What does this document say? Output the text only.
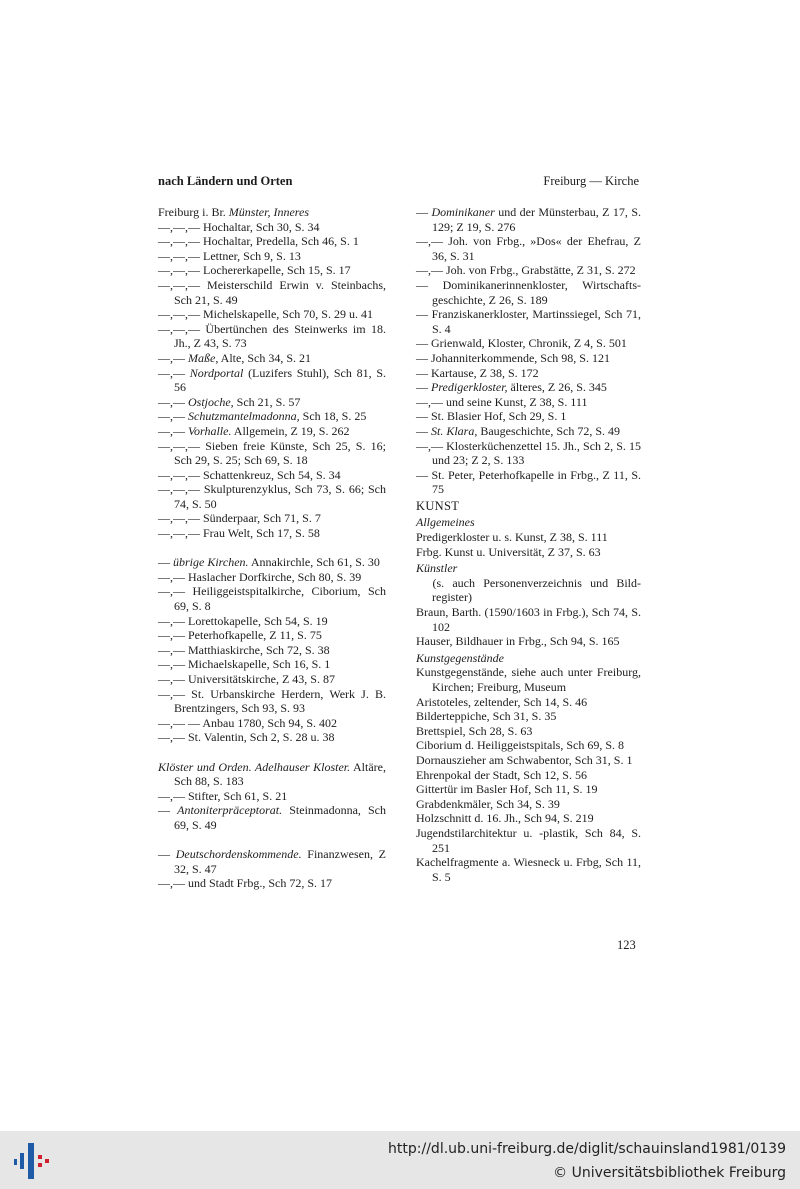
nach Ländern und Orten	Freiburg — Kirche
Freiburg i. Br. Münster, Inneres
—,—,— Hochaltar, Sch 30, S. 34
—,—,— Hochaltar, Predella, Sch 46, S. 1
—,—,— Lettner, Sch 9, S. 13
—,—,— Lochererkapelle, Sch 15, S. 17
—,—,— Meisterschild Erwin v. Steinbachs, Sch 21, S. 49
—,—,— Michelskapelle, Sch 70, S. 29 u. 41
—,—,— Übertünchen des Steinwerks im 18. Jh., Z 43, S. 73
—,— Maße, Alte, Sch 34, S. 21
—,— Nordportal (Luzifers Stuhl), Sch 81, S. 56
—,— Ostjoche, Sch 21, S. 57
—,— Schutzmantelmadonna, Sch 18, S. 25
—,— Vorhalle. Allgemein, Z 19, S. 262
—,—,— Sieben freie Künste, Sch 25, S. 16; Sch 29, S. 25; Sch 69, S. 18
—,—,— Schattenkreuz, Sch 54, S. 34
—,—,— Skulpturenzyklus, Sch 73, S. 66; Sch 74, S. 50
—,—,— Sünderpaar, Sch 71, S. 7
—,—,— Frau Welt, Sch 17, S. 58
— übrige Kirchen. Annakirchle, Sch 61, S. 30
—,— Haslacher Dorfkirche, Sch 80, S. 39
—,— Heiliggeistspitalkirche, Ciborium, Sch 69, S. 8
—,— Lorettokapelle, Sch 54, S. 19
—,— Peterhofkapelle, Z 11, S. 75
—,— Matthiaskirche, Sch 72, S. 38
—,— Michaelskapelle, Sch 16, S. 1
—,— Universitätskirche, Z 43, S. 87
—,— St. Urbanskirche Herdern, Werk J. B. Brentzingers, Sch 93, S. 93
—,— — Anbau 1780, Sch 94, S. 402
—,— St. Valentin, Sch 2, S. 28 u. 38
Klöster und Orden. Adelhauser Kloster. Altäre, Sch 88, S. 183
—,— Stifter, Sch 61, S. 21
— Antoniterpräceptorat. Steinmadonna, Sch 69, S. 49
— Deutschordenskommende. Finanzwesen, Z 32, S. 47
—,— und Stadt Frbg., Sch 72, S. 17
— Dominikaner und der Münsterbau, Z 17, S. 129; Z 19, S. 276
—,— Joh. von Frbg., »Dos« der Ehefrau, Z 36, S. 31
—,— Joh. von Frbg., Grabstätte, Z 31, S. 272
— Dominikanerinnenkloster, Wirtschaftsgeschichte, Z 26, S. 189
— Franziskanerkloster, Martinssiegel, Sch 71, S. 4
— Grienwald, Kloster, Chronik, Z 4, S. 501
— Johanniterkommende, Sch 98, S. 121
— Kartause, Z 38, S. 172
— Predigerkloster, älteres, Z 26, S. 345
—,— und seine Kunst, Z 38, S. 111
— St. Blasier Hof, Sch 29, S. 1
— St. Klara, Baugeschichte, Sch 72, S. 49
—,— Klosterküchenzettel 15. Jh., Sch 2, S. 15 und 23; Z 2, S. 133
— St. Peter, Peterhofkapelle in Frbg., Z 11, S. 75
KUNST
Allgemeines
Predigerkloster u. s. Kunst, Z 38, S. 111
Frbg. Kunst u. Universität, Z 37, S. 63
Künstler
(s. auch Personenverzeichnis und Bildregister)
Braun, Barth. (1590/1603 in Frbg.), Sch 74, S. 102
Hauser, Bildhauer in Frbg., Sch 94, S. 165
Kunstgegenstände
Kunstgegenstände, siehe auch unter Freiburg, Kirchen; Freiburg, Museum
Aristoteles, zeltender, Sch 14, S. 46
Bilderteppiche, Sch 31, S. 35
Brettspiel, Sch 28, S. 63
Ciborium d. Heiliggeistspitals, Sch 69, S. 8
Dornauszieher am Schwabentor, Sch 31, S. 1
Ehrenpokal der Stadt, Sch 12, S. 56
Gittertür im Basler Hof, Sch 11, S. 19
Grabdenkmäler, Sch 34, S. 39
Holzschnitt d. 16. Jh., Sch 94, S. 219
Jugendstilarchitektur u. -plastik, Sch 84, S. 251
Kachelfragmente a. Wiesneck u. Frbg, Sch 11, S. 5
123
http://dl.ub.uni-freiburg.de/diglit/schauinsland1981/0139
© Universitätsbibliothek Freiburg
